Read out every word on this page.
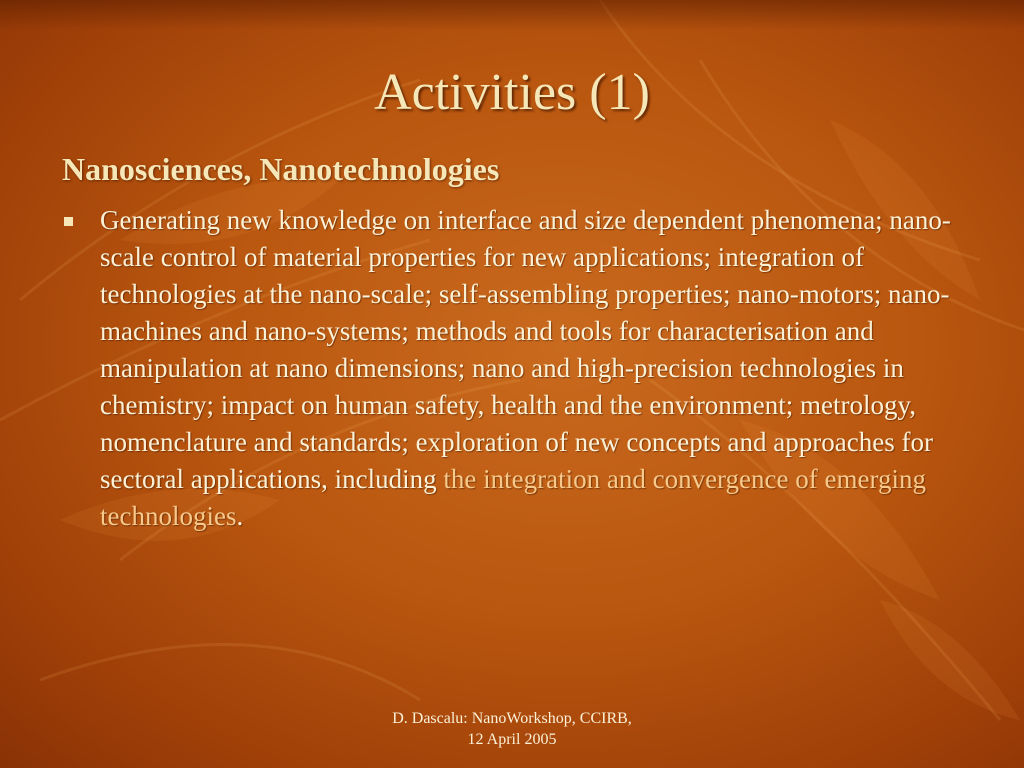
Activities (1)
Nanosciences, Nanotechnologies

Generating new knowledge on interface and size dependent phenomena; nano-scale control of material properties for new applications; integration of technologies at the nano-scale; self-assembling properties; nano-motors; nano-machines and nano-systems; methods and tools for characterisation and manipulation at nano dimensions; nano and high-precision technologies in chemistry; impact on human safety, health and the environment; metrology, nomenclature and standards; exploration of new concepts and approaches for sectoral applications, including the integration and convergence of emerging technologies.

D. Dascalu: NanoWorkshop, CCIRB,
12 April 2005
